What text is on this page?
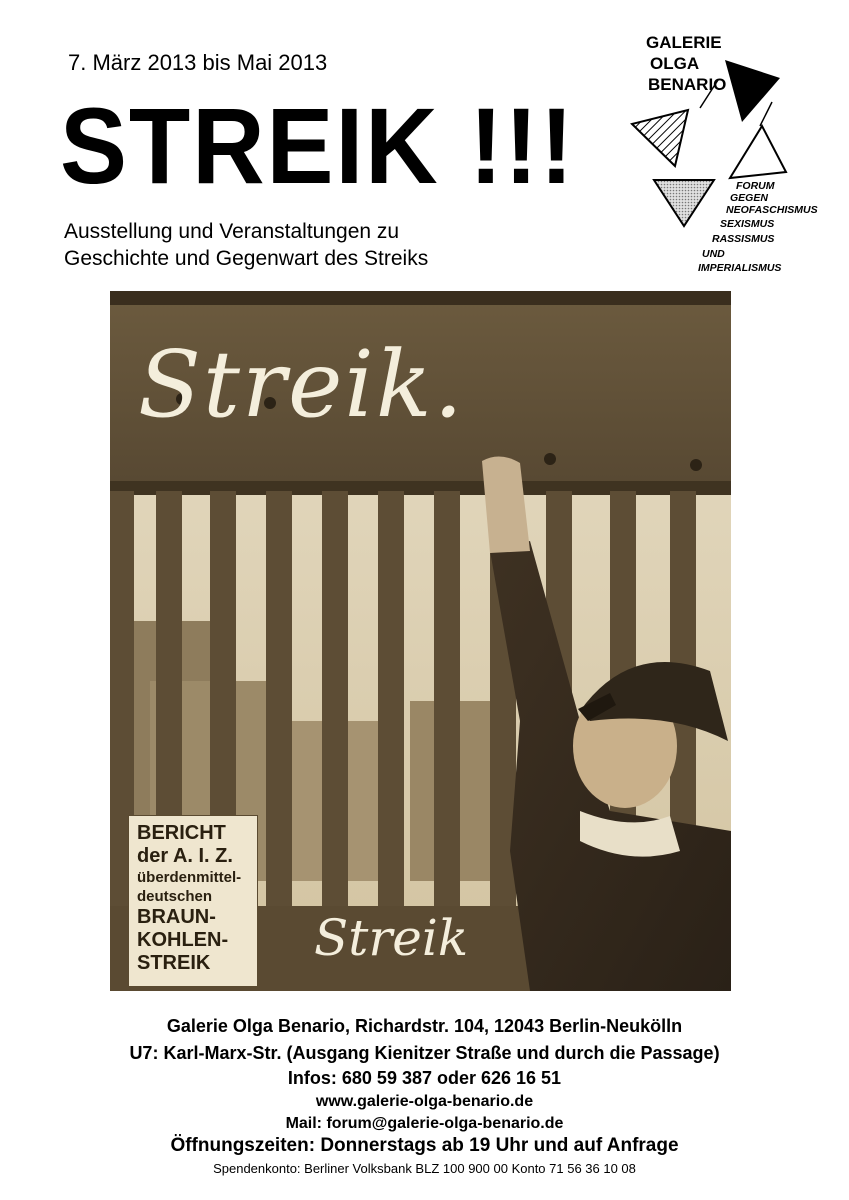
7. März 2013 bis Mai 2013
STREIK !!!
Ausstellung und Veranstaltungen zu
Geschichte und Gegenwart des Streiks
GALERIE
OLGA
BENARIO
FORUM
GEGEN
NEOFASCHISMUS
SEXISMUS
RASSISMUS
UND
IMPERIALISMUS
Streik.
Streik
BERICHT
der A. I. Z.
überdenmittel-
deutschen
BRAUN-
KOHLEN-
STREIK
Galerie Olga Benario, Richardstr. 104, 12043 Berlin-Neukölln
U7: Karl-Marx-Str. (Ausgang Kienitzer Straße und durch die Passage)
Infos: 680 59 387 oder 626 16 51
www.galerie-olga-benario.de
Mail: forum@galerie-olga-benario.de
Öffnungszeiten: Donnerstags ab 19 Uhr und auf Anfrage
Spendenkonto: Berliner Volksbank BLZ 100 900 00 Konto 71 56 36 10 08
